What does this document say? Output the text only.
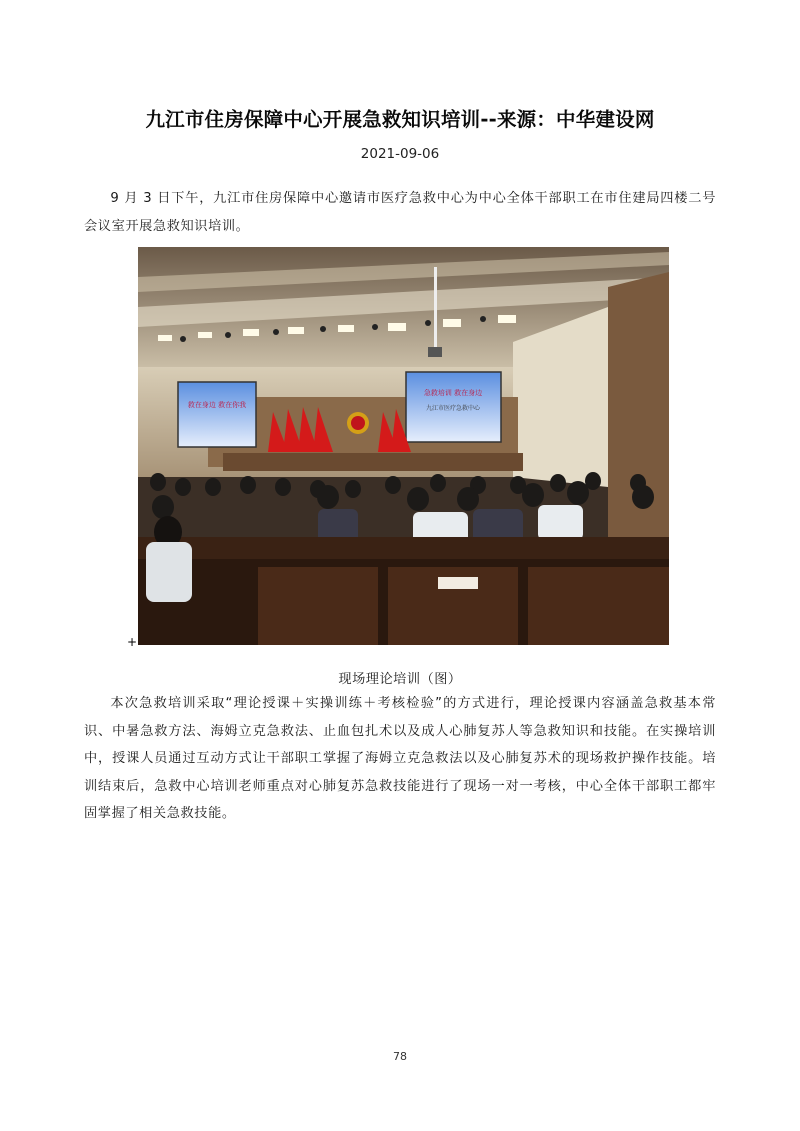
九江市住房保障中心开展急救知识培训--来源：中华建设网
2021-09-06

9 月 3 日下午，九江市住房保障中心邀请市医疗急救中心为中心全体干部职工在市住建局四楼二号会议室开展急救知识培训。

救在身边 救在你我
急救培训 救在身边
九江市医疗急救中心
+
现场理论培训（图）

本次急救培训采取“理论授课＋实操训练＋考核检验”的方式进行，理论授课内容涵盖急救基本常识、中暑急救方法、海姆立克急救法、止血包扎术以及成人心肺复苏人等急救知识和技能。在实操培训中，授课人员通过互动方式让干部职工掌握了海姆立克急救法以及心肺复苏术的现场救护操作技能。培训结束后，急救中心培训老师重点对心肺复苏急救技能进行了现场一对一考核，中心全体干部职工都牢固掌握了相关急救技能。

78
